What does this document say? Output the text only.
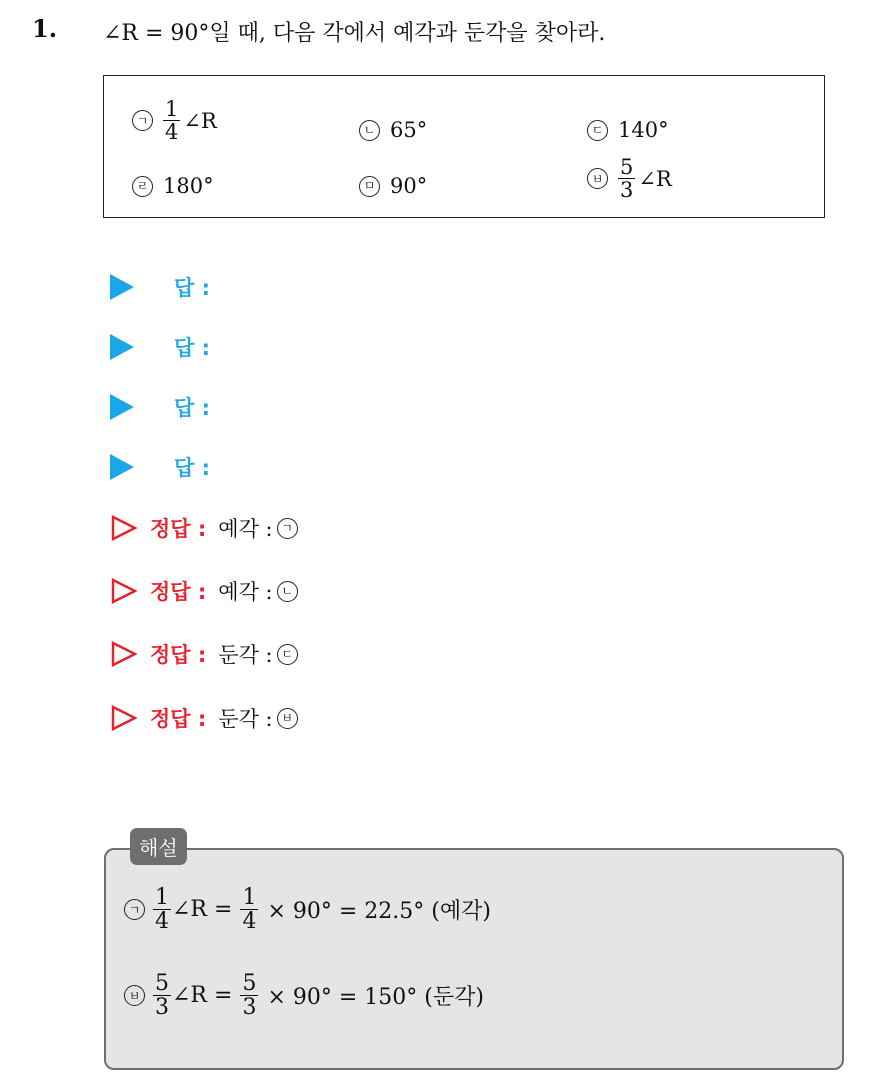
1. ∠R = 90°일 때, 다음 각에서 예각과 둔각을 찾아라.
ㄱ $\frac{1}{4}$ ∠R	ㄴ 65°	ㄷ 140°
ㄹ 180°	ㅁ 90°	ㅂ $\frac{5}{3}$ ∠R
답 :
답 :
답 :
답 :
정답 : 예각 : ㄱ
정답 : 예각 : ㄴ
정답 : 둔각 : ㄷ
정답 : 둔각 : ㅂ
해설
ㄱ $\frac{1}{4}$ ∠R = $\frac{1}{4} \times 90^\circ = 22.5^\circ$ (예각)
ㅂ $\frac{5}{3}$ ∠R = $\frac{5}{3} \times 90^\circ = 150^\circ$ (둔각)
